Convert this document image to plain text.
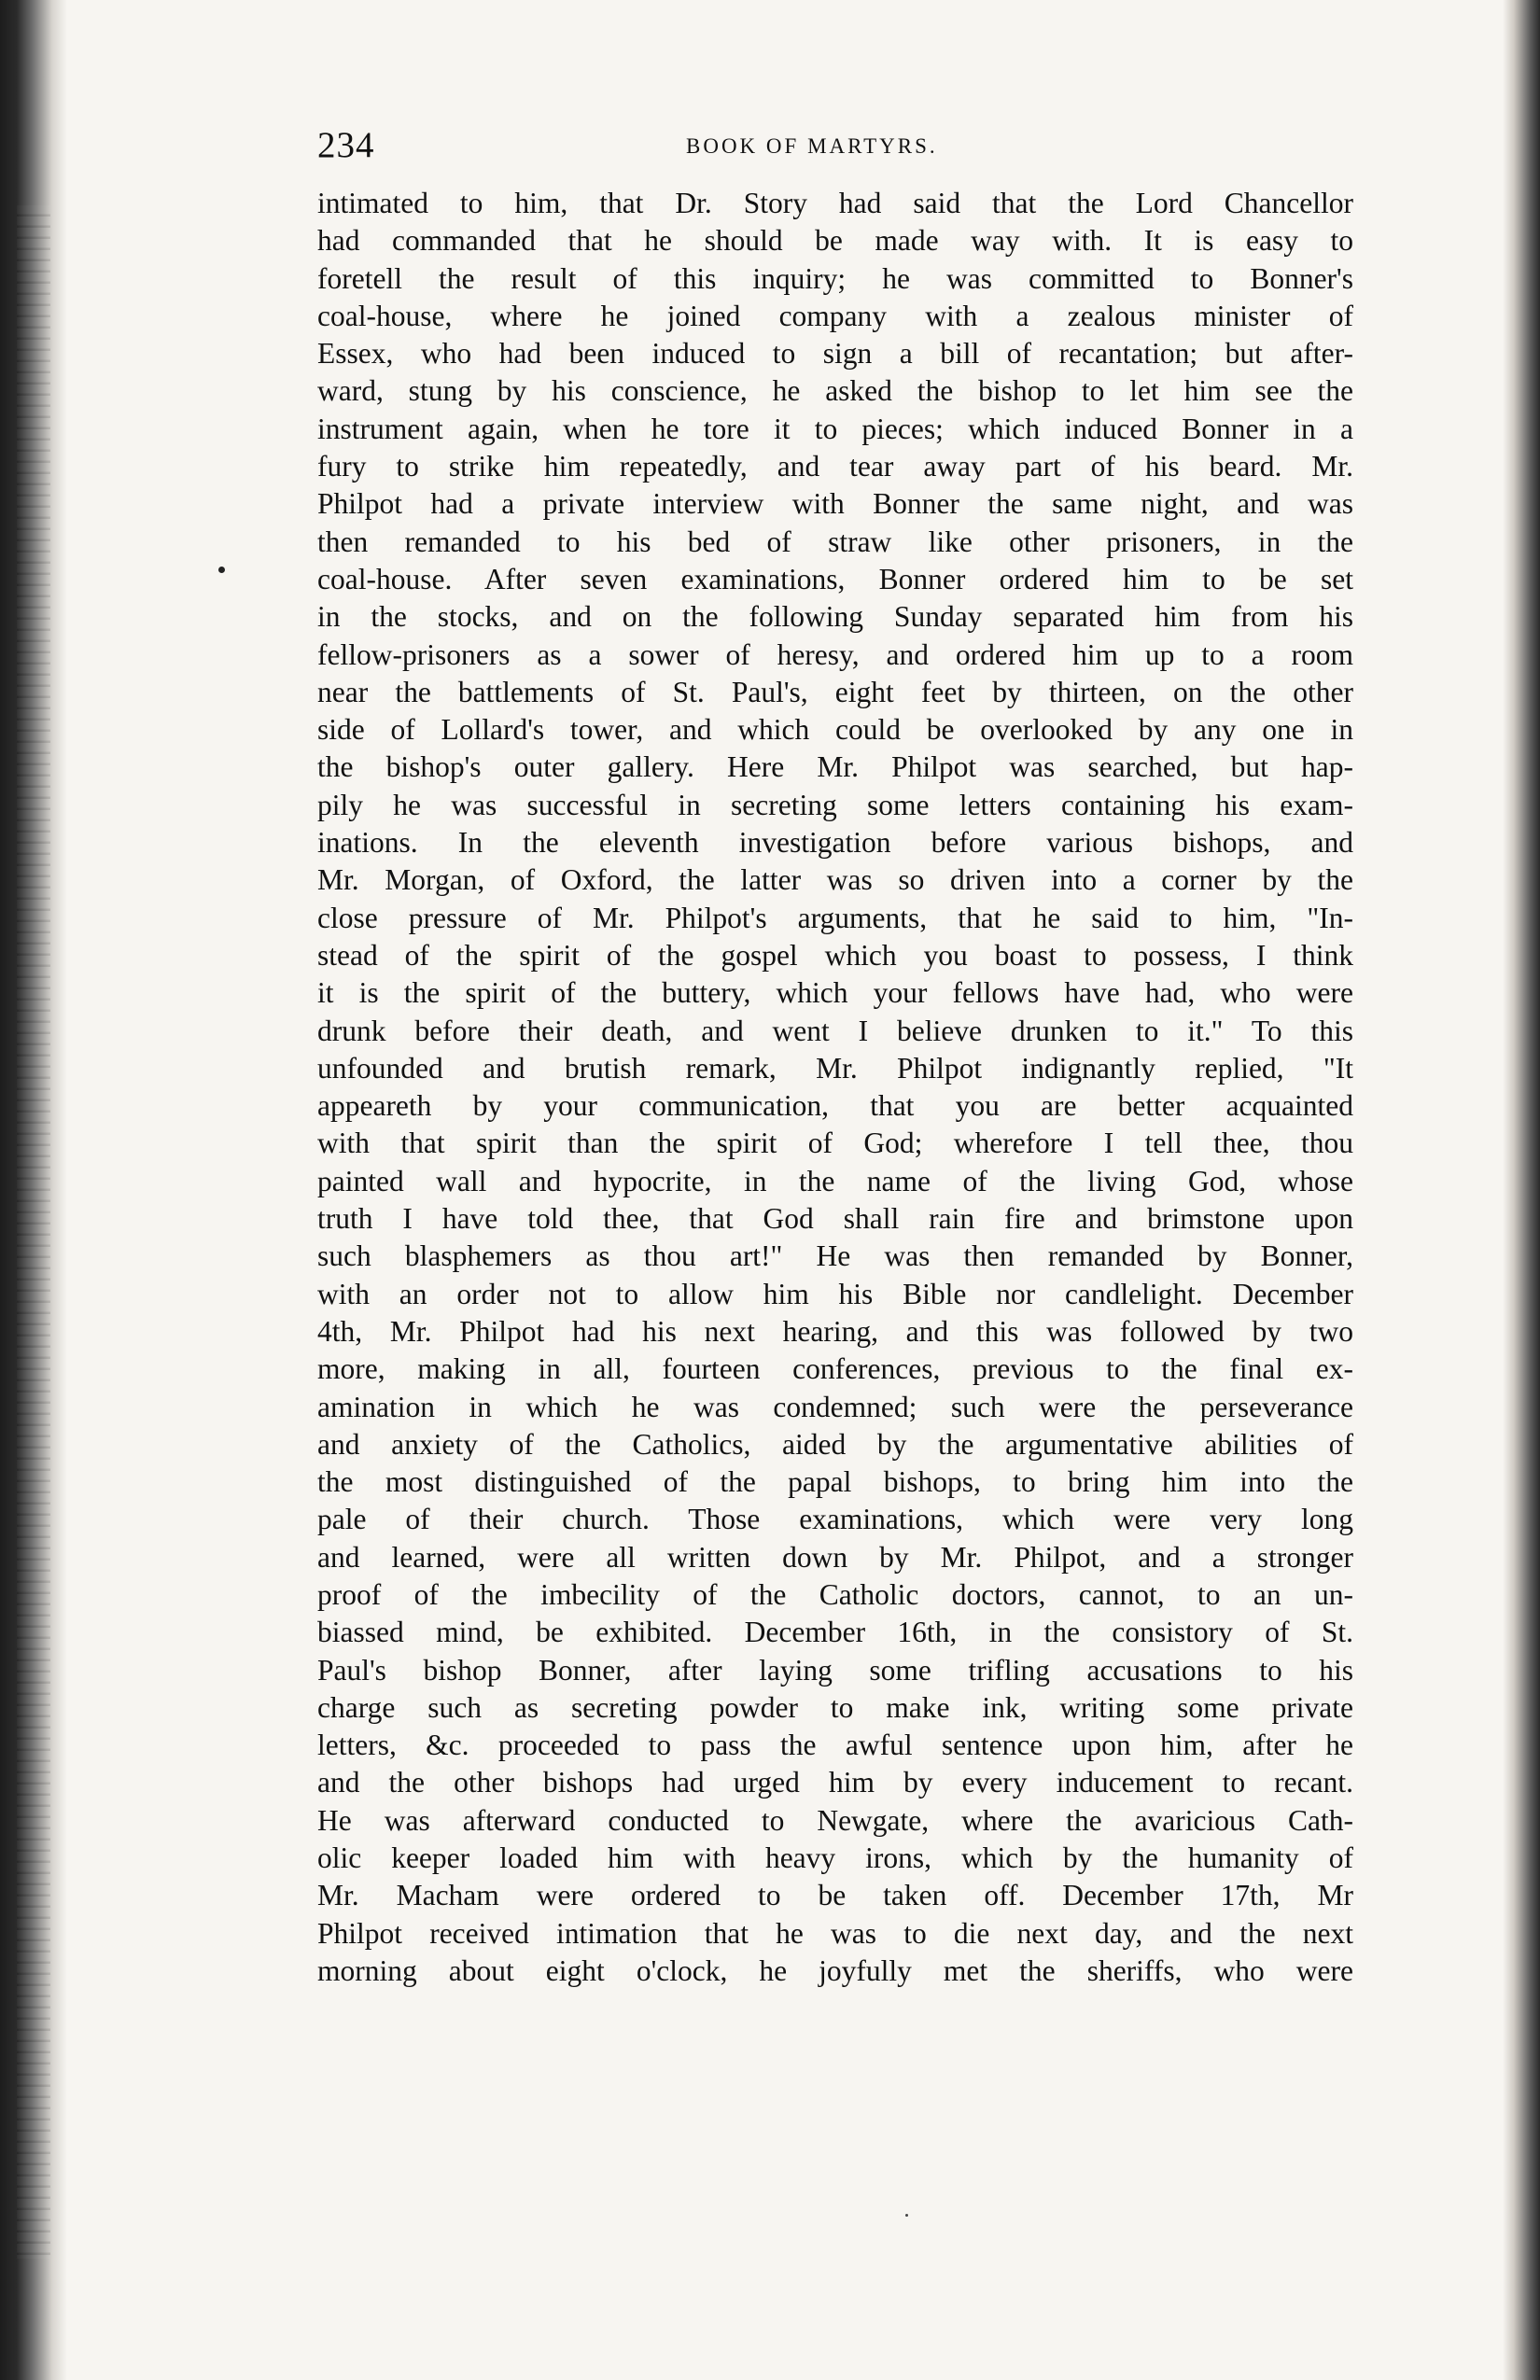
234	BOOK OF MARTYRS.
intimated to him, that Dr. Story had said that the Lord Chancellor
had commanded that he should be made way with. It is easy to
foretell the result of this inquiry; he was committed to Bonner's
coal-house, where he joined company with a zealous minister of
Essex, who had been induced to sign a bill of recantation; but after-
ward, stung by his conscience, he asked the bishop to let him see the
instrument again, when he tore it to pieces; which induced Bonner in a
fury to strike him repeatedly, and tear away part of his beard. Mr.
Philpot had a private interview with Bonner the same night, and was
then remanded to his bed of straw like other prisoners, in the
coal-house. After seven examinations, Bonner ordered him to be set
in the stocks, and on the following Sunday separated him from his
fellow-prisoners as a sower of heresy, and ordered him up to a room
near the battlements of St. Paul's, eight feet by thirteen, on the other
side of Lollard's tower, and which could be overlooked by any one in
the bishop's outer gallery. Here Mr. Philpot was searched, but hap-
pily he was successful in secreting some letters containing his exam-
inations. In the eleventh investigation before various bishops, and
Mr. Morgan, of Oxford, the latter was so driven into a corner by the
close pressure of Mr. Philpot's arguments, that he said to him, "In-
stead of the spirit of the gospel which you boast to possess, I think
it is the spirit of the buttery, which your fellows have had, who were
drunk before their death, and went I believe drunken to it." To this
unfounded and brutish remark, Mr. Philpot indignantly replied, "It
appeareth by your communication, that you are better acquainted
with that spirit than the spirit of God; wherefore I tell thee, thou
painted wall and hypocrite, in the name of the living God, whose
truth I have told thee, that God shall rain fire and brimstone upon
such blasphemers as thou art!" He was then remanded by Bonner,
with an order not to allow him his Bible nor candlelight. December
4th, Mr. Philpot had his next hearing, and this was followed by two
more, making in all, fourteen conferences, previous to the final ex-
amination in which he was condemned; such were the perseverance
and anxiety of the Catholics, aided by the argumentative abilities of
the most distinguished of the papal bishops, to bring him into the
pale of their church. Those examinations, which were very long
and learned, were all written down by Mr. Philpot, and a stronger
proof of the imbecility of the Catholic doctors, cannot, to an un-
biassed mind, be exhibited. December 16th, in the consistory of St.
Paul's bishop Bonner, after laying some trifling accusations to his
charge such as secreting powder to make ink, writing some private
letters, &c. proceeded to pass the awful sentence upon him, after he
and the other bishops had urged him by every inducement to recant.
He was afterward conducted to Newgate, where the avaricious Cath-
olic keeper loaded him with heavy irons, which by the humanity of
Mr. Macham were ordered to be taken off. December 17th, Mr
Philpot received intimation that he was to die next day, and the next
morning about eight o'clock, he joyfully met the sheriffs, who were
